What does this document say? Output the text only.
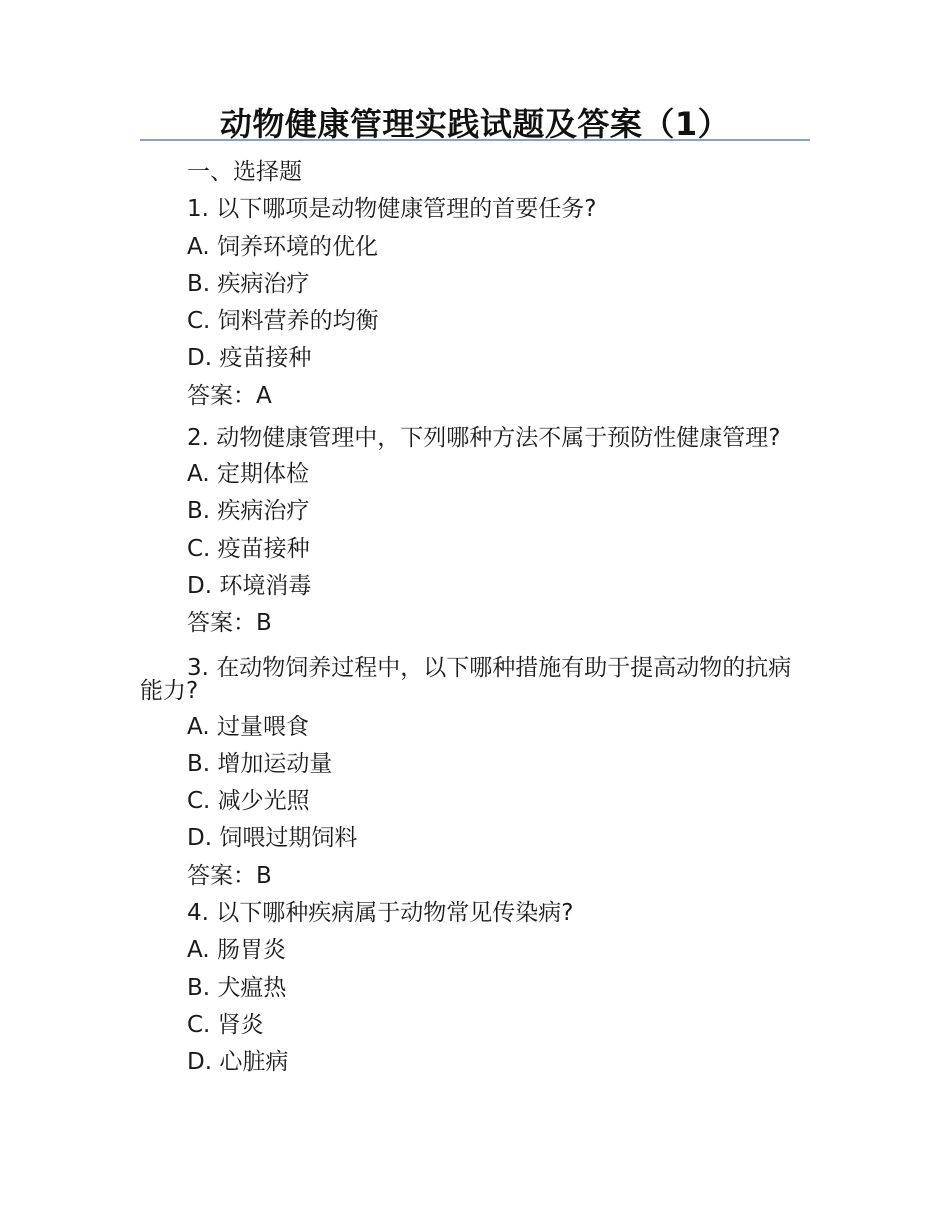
动物健康管理实践试题及答案（1）
一、选择题
1. 以下哪项是动物健康管理的首要任务?
A. 饲养环境的优化
B. 疾病治疗
C. 饲料营养的均衡
D. 疫苗接种
答案：A
2. 动物健康管理中，下列哪种方法不属于预防性健康管理?
A. 定期体检
B. 疾病治疗
C. 疫苗接种
D. 环境消毒
答案：B
3. 在动物饲养过程中，以下哪种措施有助于提高动物的抗病能力?
A. 过量喂食
B. 增加运动量
C. 减少光照
D. 饲喂过期饲料
答案：B
4. 以下哪种疾病属于动物常见传染病?
A. 肠胃炎
B. 犬瘟热
C. 肾炎
D. 心脏病
